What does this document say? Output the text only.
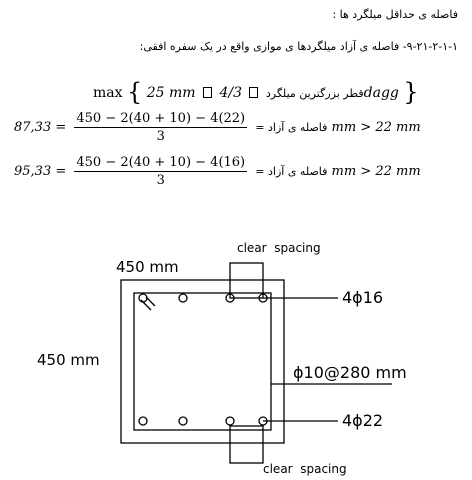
فاصله ی حداقل میلگرد ها :
۹-۲۱-۲-۱-۱- فاصله ی آزاد میلگردها ی موازی واقع در یک سفره افقی:
max { 25 mm	قطر بزرگترین میلگرد  4/3dagg }
فاصله ی آزاد =
$\frac{450 - 2(40 + 10) - 4(22)}{3}$
= 87,33 mm > 22 mm
فاصله ی آزاد =
$\frac{450 - 2(40 + 10) - 4(16)}{3}$
= 95,33 mm > 22 mm
450 mm
clear  spacing
450 mm
4ϕ16
ϕ10@280 mm
4ϕ22
clear  spacing
